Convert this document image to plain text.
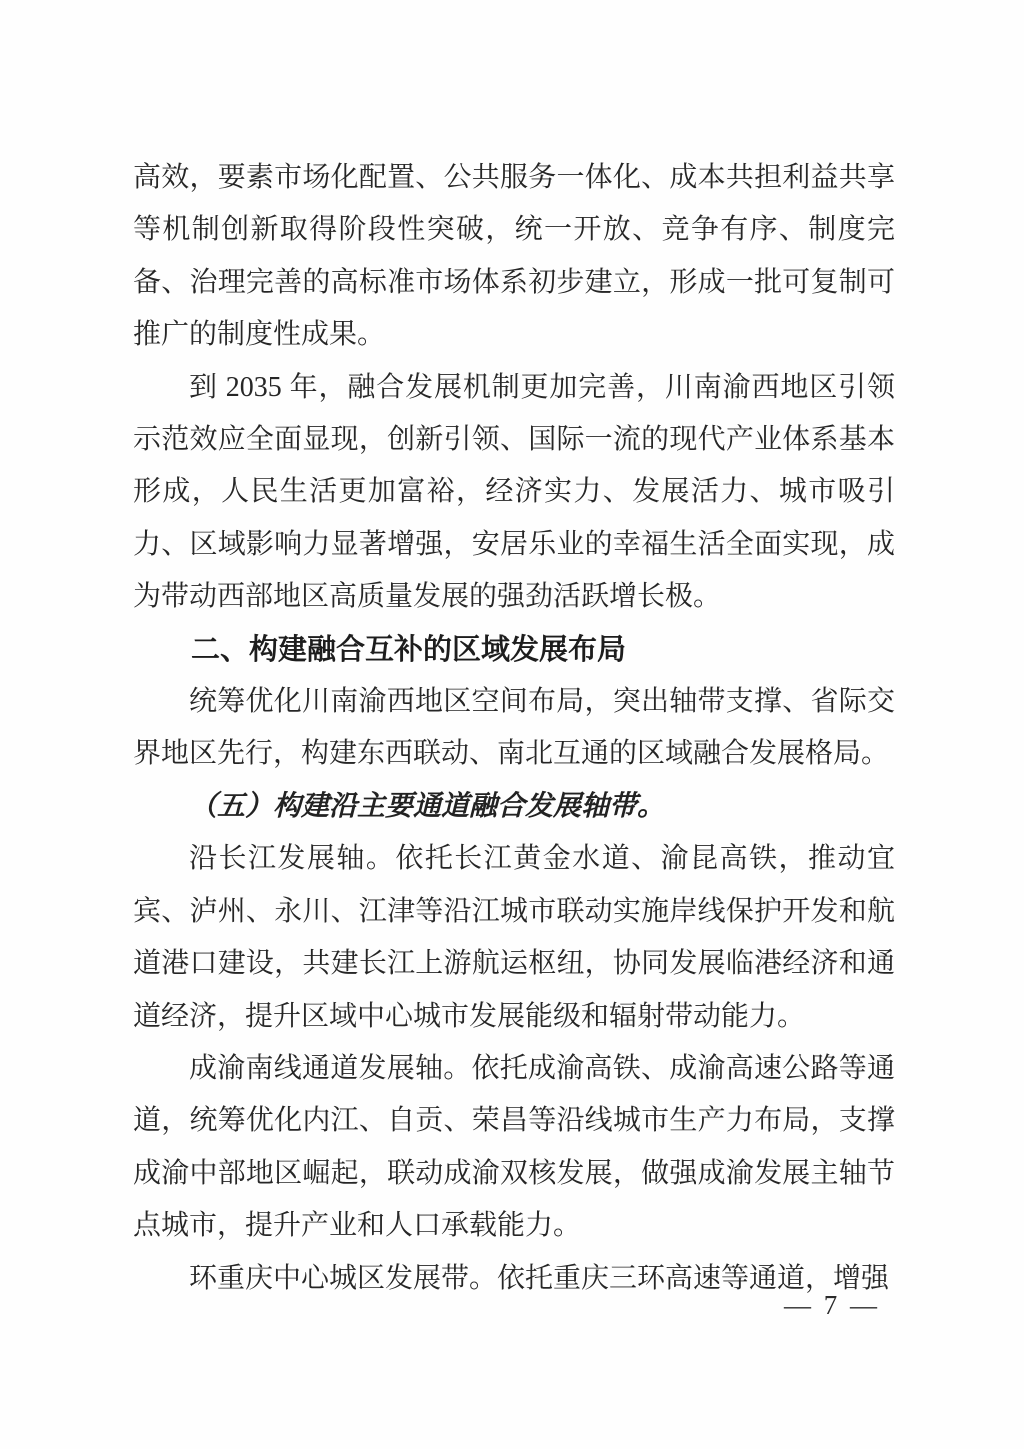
高效，要素市场化配置、公共服务一体化、成本共担利益共享等机制创新取得阶段性突破，统一开放、竞争有序、制度完备、治理完善的高标准市场体系初步建立，形成一批可复制可推广的制度性成果。

到 2035 年，融合发展机制更加完善，川南渝西地区引领示范效应全面显现，创新引领、国际一流的现代产业体系基本形成，人民生活更加富裕，经济实力、发展活力、城市吸引力、区域影响力显著增强，安居乐业的幸福生活全面实现，成为带动西部地区高质量发展的强劲活跃增长极。

二、构建融合互补的区域发展布局

统筹优化川南渝西地区空间布局，突出轴带支撑、省际交界地区先行，构建东西联动、南北互通的区域融合发展格局。

（五）构建沿主要通道融合发展轴带。

沿长江发展轴。依托长江黄金水道、渝昆高铁，推动宜宾、泸州、永川、江津等沿江城市联动实施岸线保护开发和航道港口建设，共建长江上游航运枢纽，协同发展临港经济和通道经济，提升区域中心城市发展能级和辐射带动能力。

成渝南线通道发展轴。依托成渝高铁、成渝高速公路等通道，统筹优化内江、自贡、荣昌等沿线城市生产力布局，支撑成渝中部地区崛起，联动成渝双核发展，做强成渝发展主轴节点城市，提升产业和人口承载能力。

环重庆中心城区发展带。依托重庆三环高速等通道，增强

— 7 —
